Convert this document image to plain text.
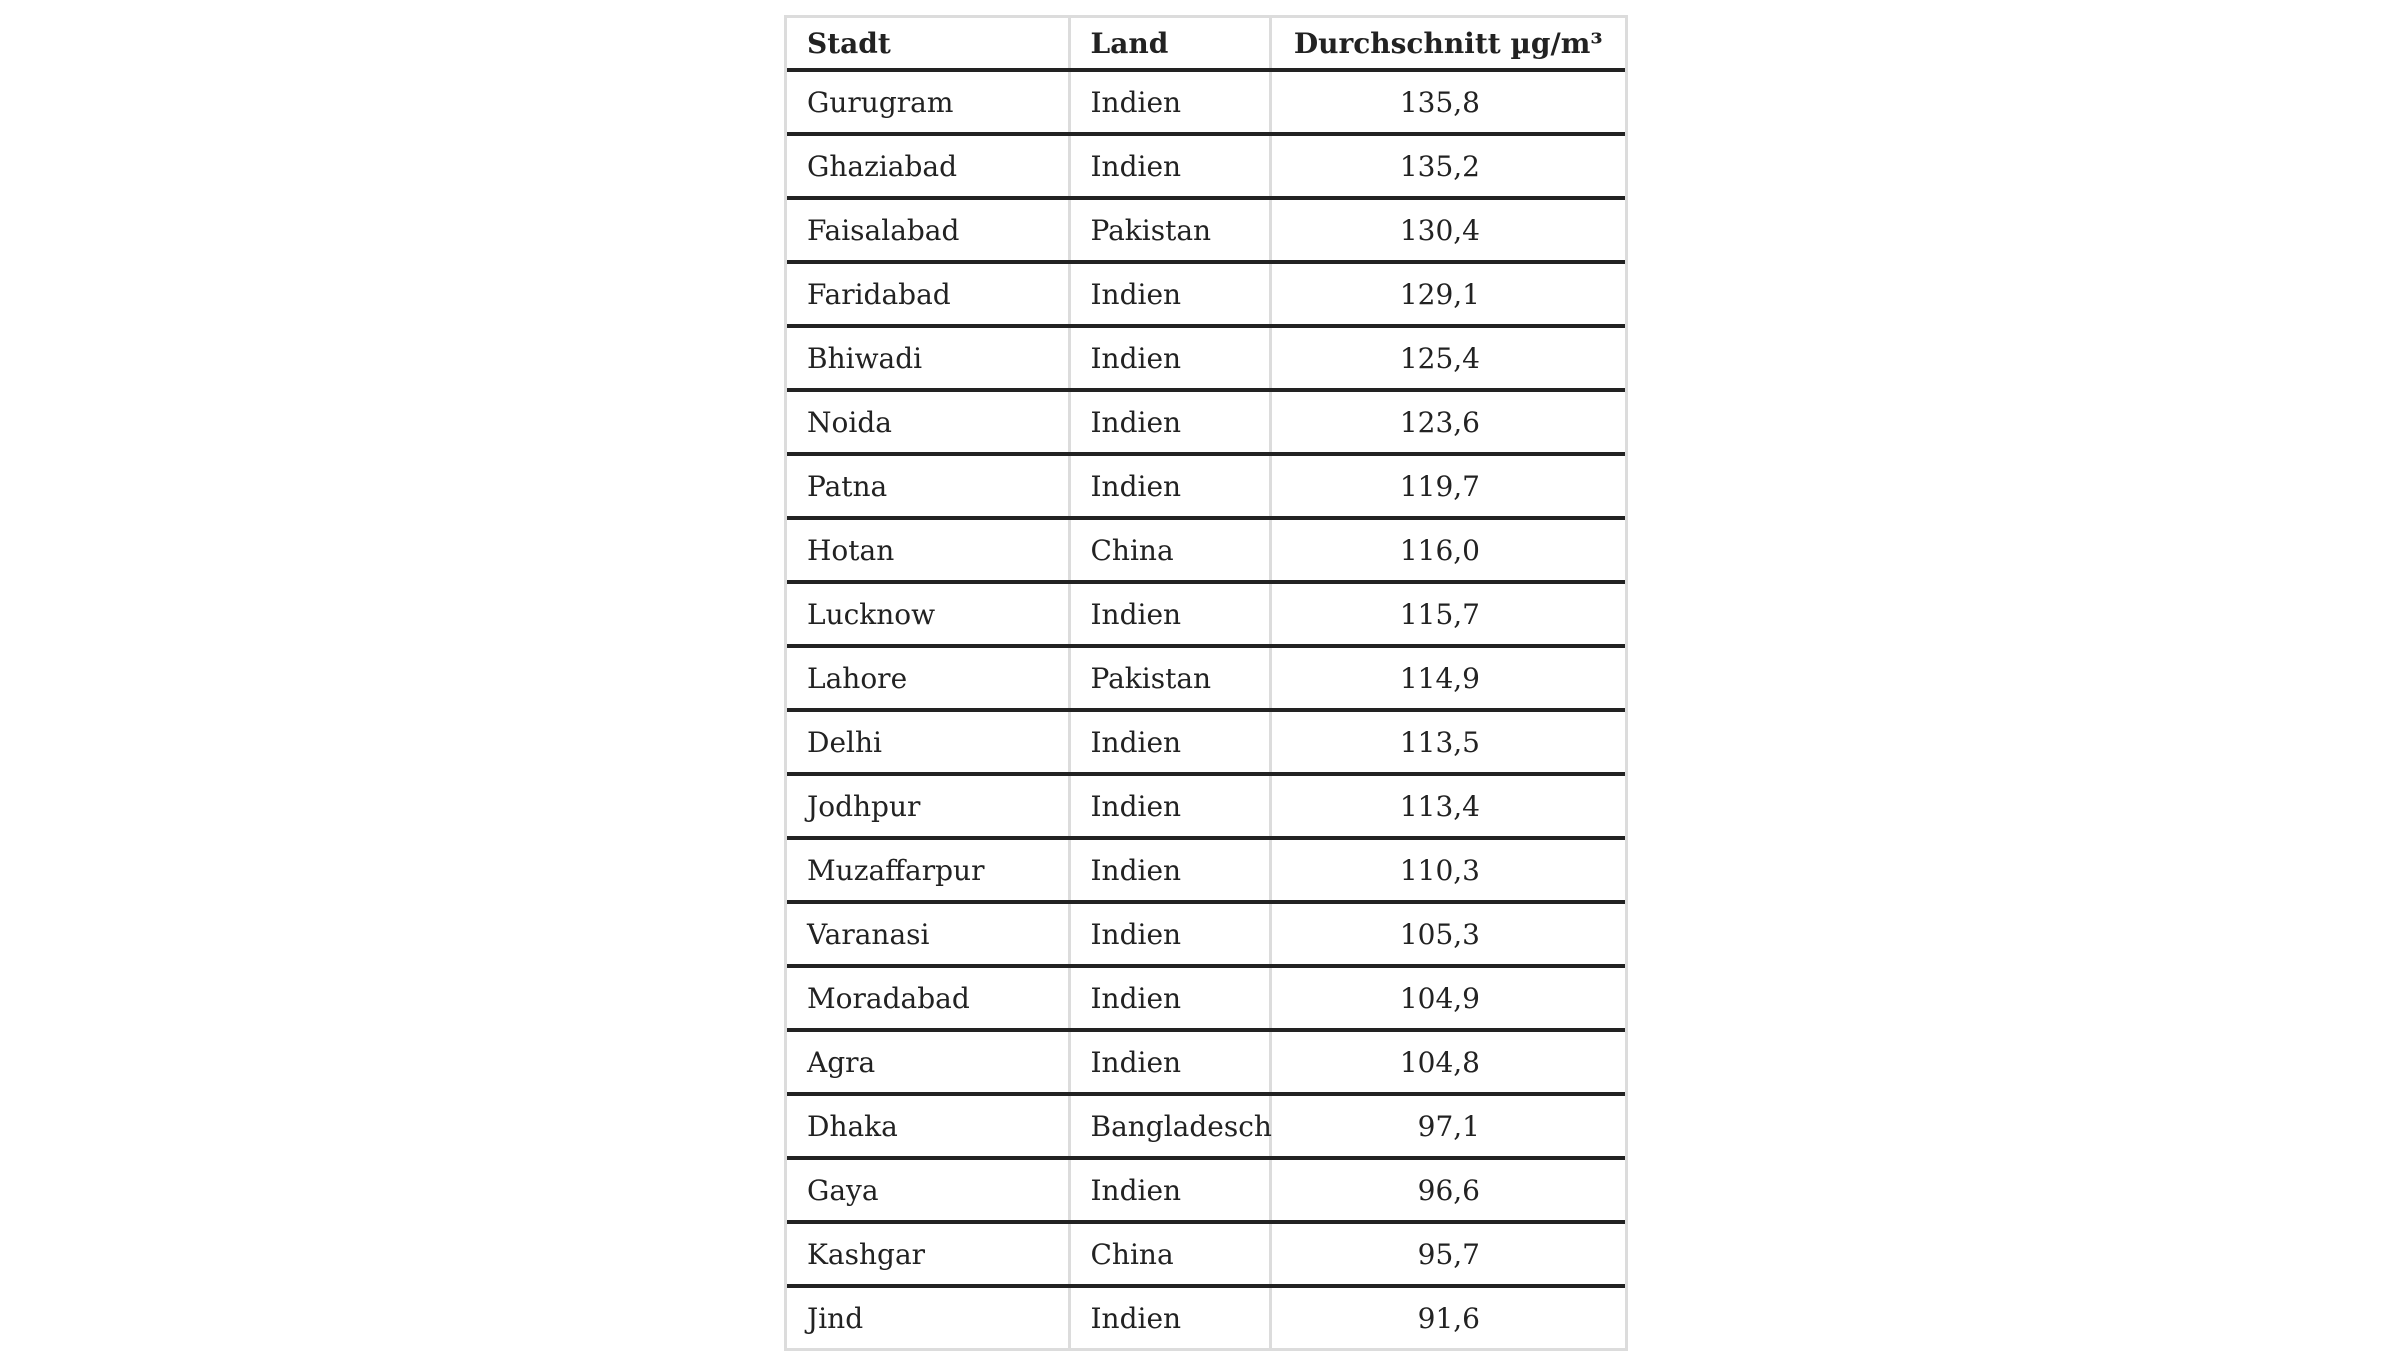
Stadt	Land	Durchschnitt µg/m³
Gurugram	Indien	135,8
Ghaziabad	Indien	135,2
Faisalabad	Pakistan	130,4
Faridabad	Indien	129,1
Bhiwadi	Indien	125,4
Noida	Indien	123,6
Patna	Indien	119,7
Hotan	China	116,0
Lucknow	Indien	115,7
Lahore	Pakistan	114,9
Delhi	Indien	113,5
Jodhpur	Indien	113,4
Muzaffarpur	Indien	110,3
Varanasi	Indien	105,3
Moradabad	Indien	104,9
Agra	Indien	104,8
Dhaka	Bangladesch	97,1
Gaya	Indien	96,6
Kashgar	China	95,7
Jind	Indien	91,6
